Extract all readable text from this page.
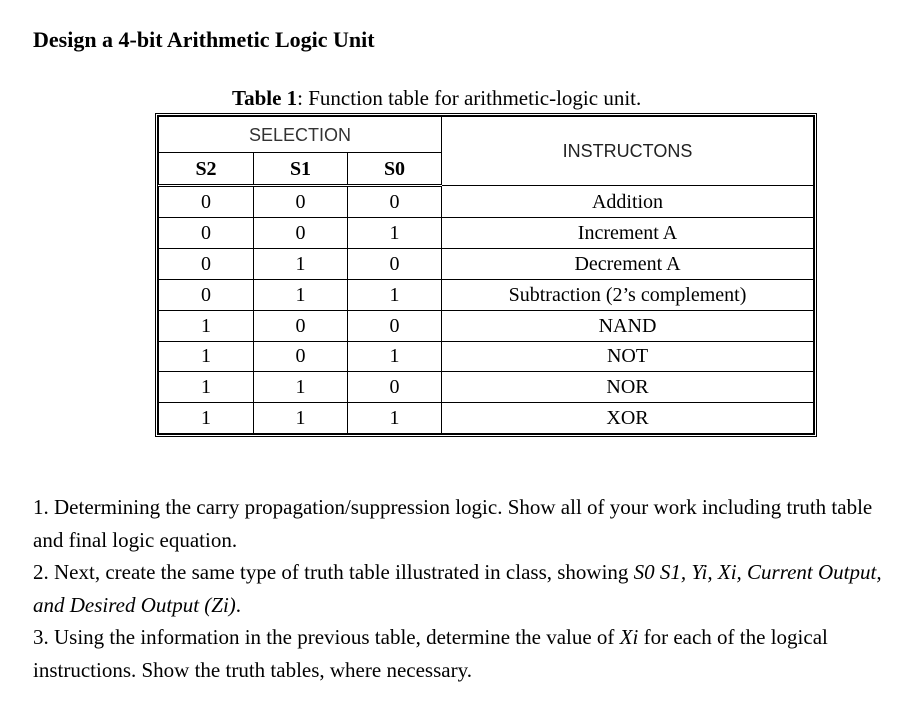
Design a 4-bit Arithmetic Logic Unit
Table 1: Function table for arithmetic-logic unit.
SELECTION			INSTRUCTONS
S2	S1	S0	
0	0	0	Addition
0	0	1	Increment A
0	1	0	Decrement A
0	1	1	Subtraction (2’s complement)
1	0	0	NAND
1	0	1	NOT
1	1	0	NOR
1	1	1	XOR

1. Determining the carry propagation/suppression logic. Show all of your work including truth table and final logic equation.

2. Next, create the same type of truth table illustrated in class, showing S0 S1, Yi, Xi, Current Output, and Desired Output (Zi).

3. Using the information in the previous table, determine the value of Xi for each of the logical instructions. Show the truth tables, where necessary.
